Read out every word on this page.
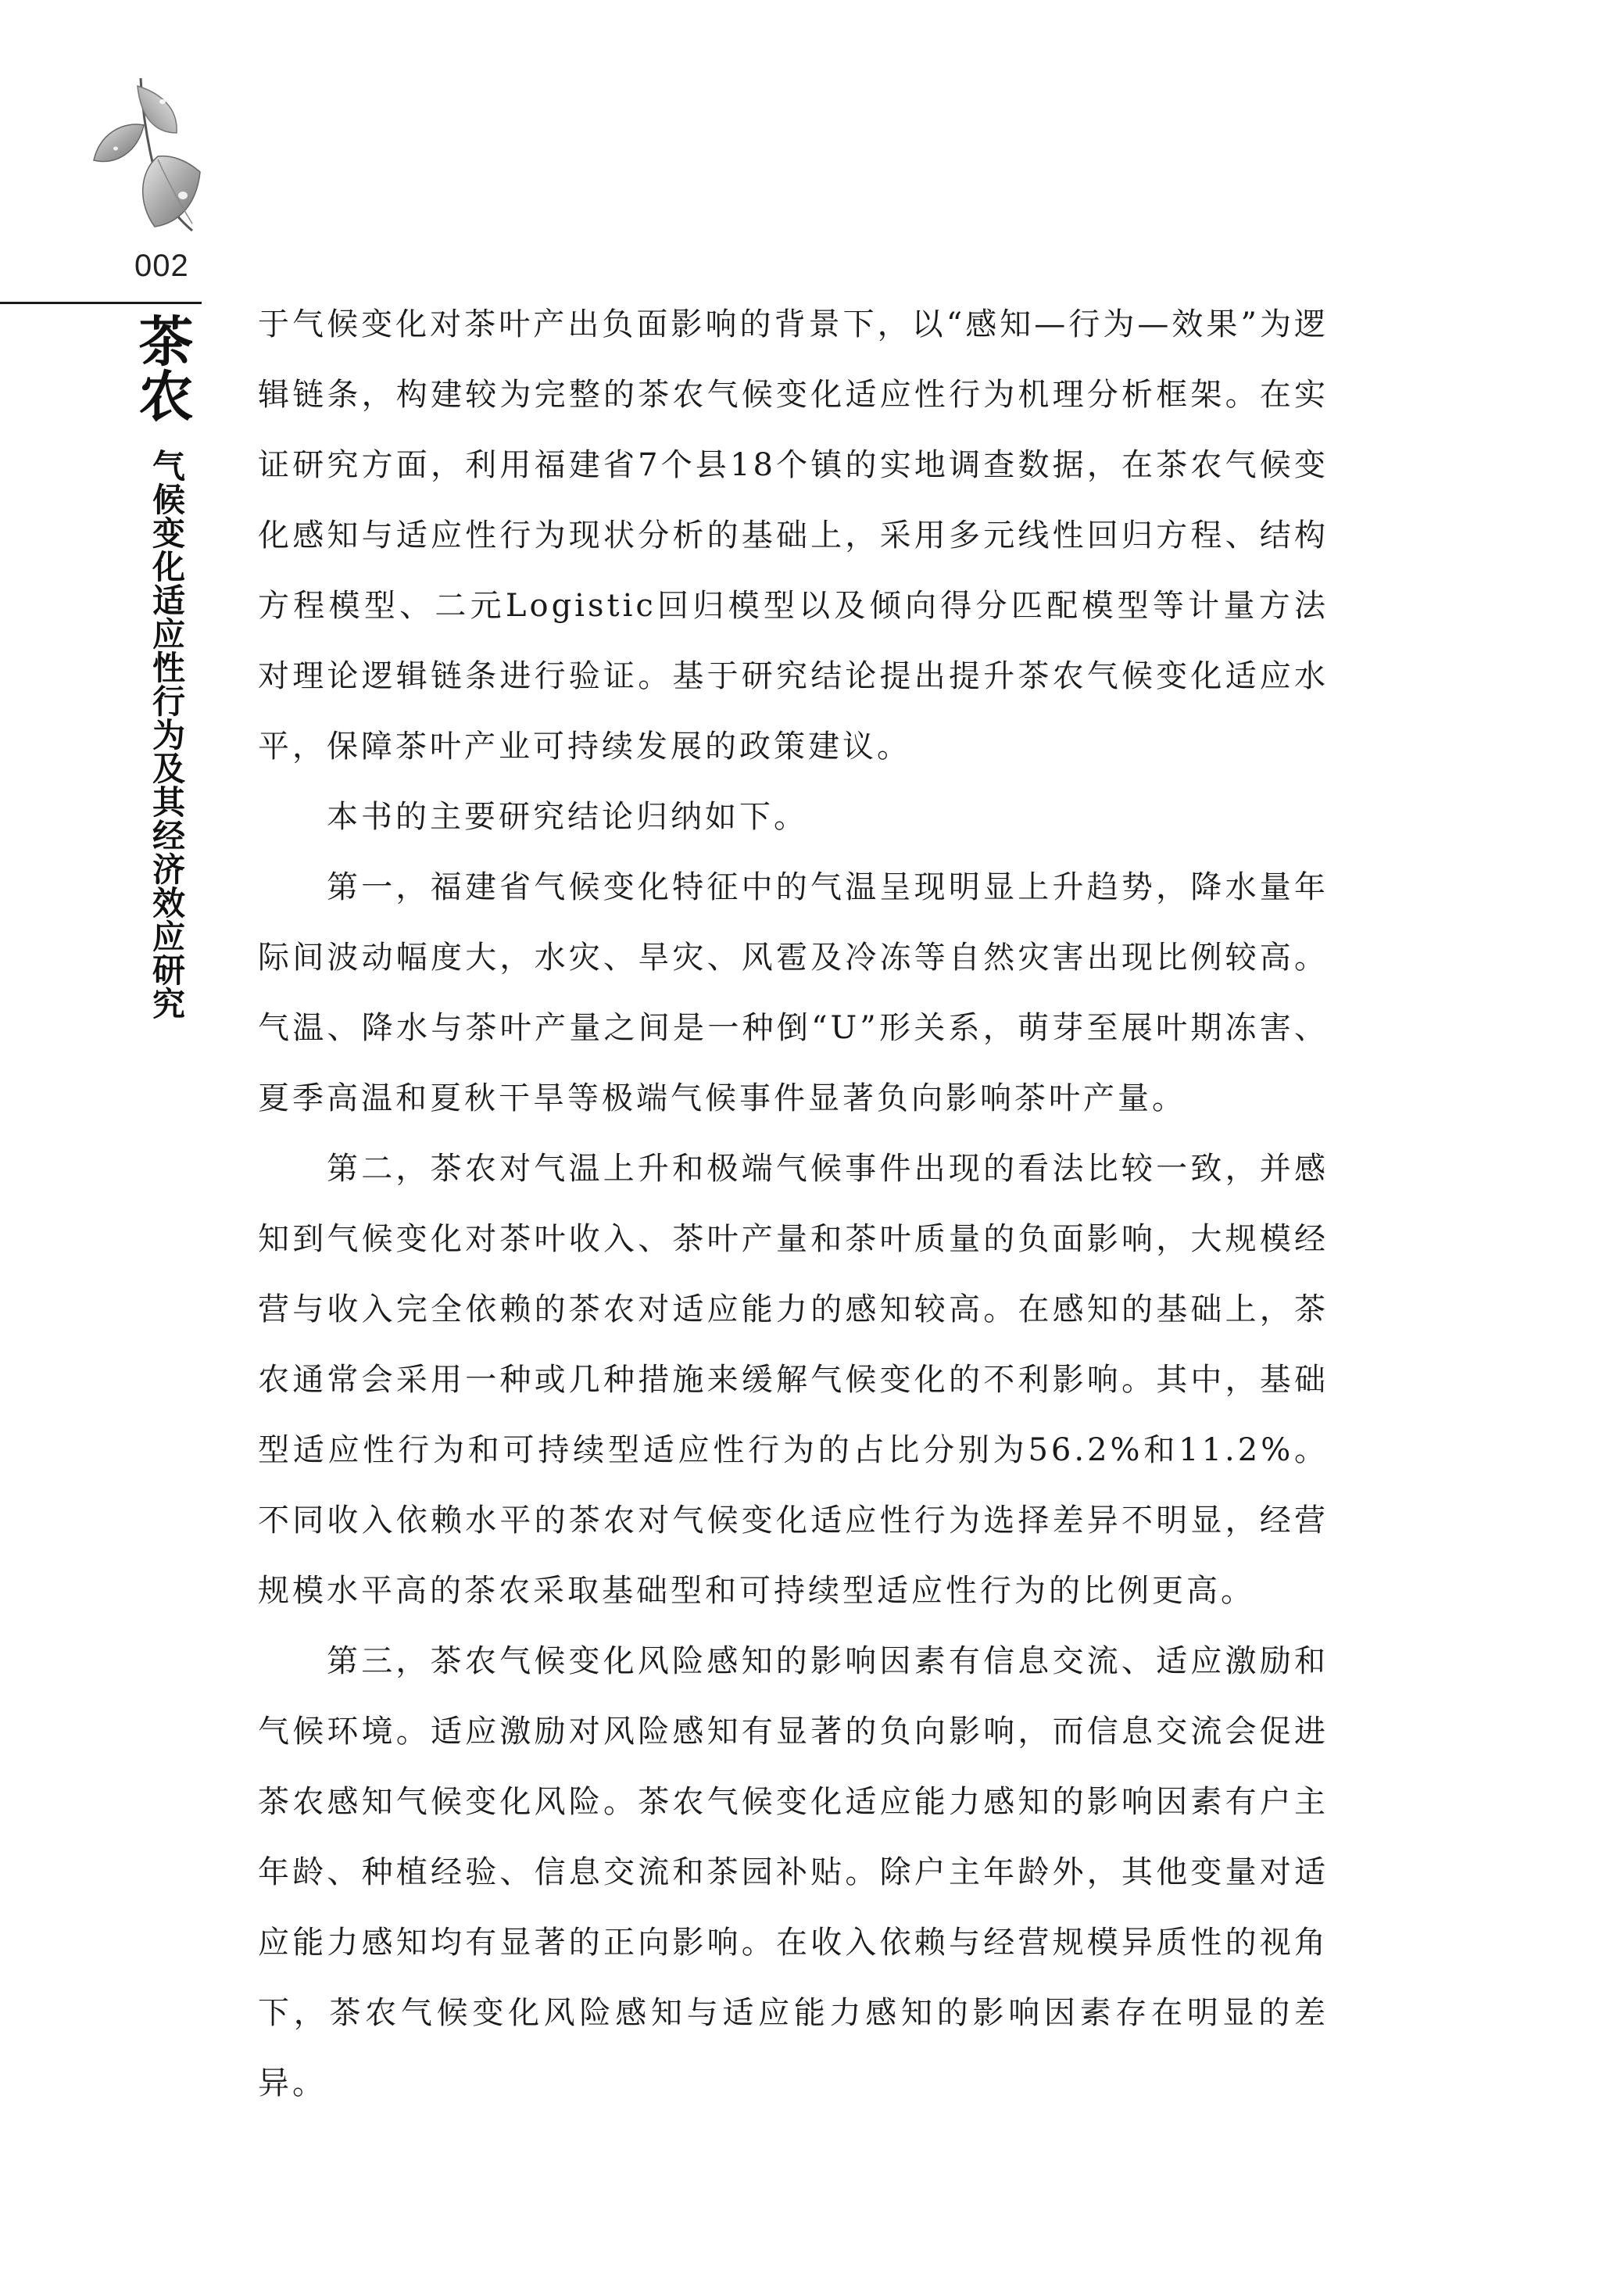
002
茶农
气候变化适应性行为及其经济效应研究

于气候变化对茶叶产出负面影响的背景下，以“感知—行为—效果”为逻辑链条，构建较为完整的茶农气候变化适应性行为机理分析框架。在实证研究方面，利用福建省7个县18个镇的实地调查数据，在茶农气候变化感知与适应性行为现状分析的基础上，采用多元线性回归方程、结构方程模型、二元Logistic回归模型以及倾向得分匹配模型等计量方法对理论逻辑链条进行验证。基于研究结论提出提升茶农气候变化适应水平，保障茶叶产业可持续发展的政策建议。

本书的主要研究结论归纳如下。

第一，福建省气候变化特征中的气温呈现明显上升趋势，降水量年际间波动幅度大，水灾、旱灾、风雹及冷冻等自然灾害出现比例较高。气温、降水与茶叶产量之间是一种倒“U”形关系，萌芽至展叶期冻害、夏季高温和夏秋干旱等极端气候事件显著负向影响茶叶产量。

第二，茶农对气温上升和极端气候事件出现的看法比较一致，并感知到气候变化对茶叶收入、茶叶产量和茶叶质量的负面影响，大规模经营与收入完全依赖的茶农对适应能力的感知较高。在感知的基础上，茶农通常会采用一种或几种措施来缓解气候变化的不利影响。其中，基础型适应性行为和可持续型适应性行为的占比分别为56.2%和11.2%。不同收入依赖水平的茶农对气候变化适应性行为选择差异不明显，经营规模水平高的茶农采取基础型和可持续型适应性行为的比例更高。

第三，茶农气候变化风险感知的影响因素有信息交流、适应激励和气候环境。适应激励对风险感知有显著的负向影响，而信息交流会促进茶农感知气候变化风险。茶农气候变化适应能力感知的影响因素有户主年龄、种植经验、信息交流和茶园补贴。除户主年龄外，其他变量对适应能力感知均有显著的正向影响。在收入依赖与经营规模异质性的视角下，茶农气候变化风险感知与适应能力感知的影响因素存在明显的差异。
